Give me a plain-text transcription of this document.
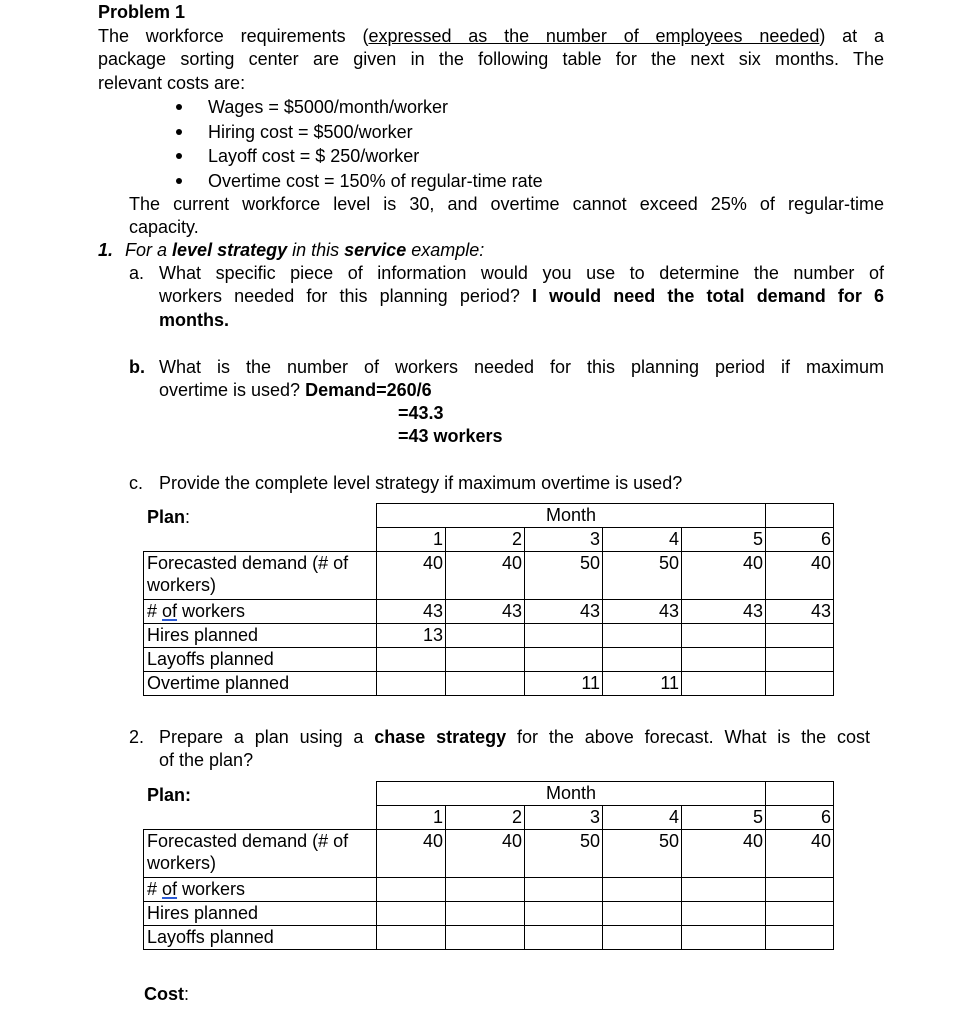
Problem 1
The workforce requirements (expressed as the number of employees needed) at a
package sorting center are given in the following table for the next six months. The
relevant costs are:
Wages = $5000/month/worker
Hiring cost = $500/worker
Layoff cost = $ 250/worker
Overtime cost = 150% of regular-time rate
The current workforce level is 30, and overtime cannot exceed 25% of regular-time
capacity.
1. For a level strategy in this service example:
a. What specific piece of information would you use to determine the number of
workers needed for this planning period? I would need the total demand for 6
months.
b. What is the number of workers needed for this planning period if maximum
overtime is used? Demand=260/6
=43.3
=43 workers
c. Provide the complete level strategy if maximum overtime is used?
Plan:
		Month					
	1	2	3	4	5	6
Forecasted demand (# of
workers)	40	40	50	50	40	40
# of workers	43	43	43	43	43	43
Hires planned	13					
Layoffs planned						
Overtime planned			11	11		
2. Prepare a plan using a chase strategy for the above forecast. What is the cost
of the plan?
Plan:
		Month					
	1	2	3	4	5	6
Forecasted demand (# of
workers)	40	40	50	50	40	40
# of workers						
Hires planned						
Layoffs planned						
Cost:
